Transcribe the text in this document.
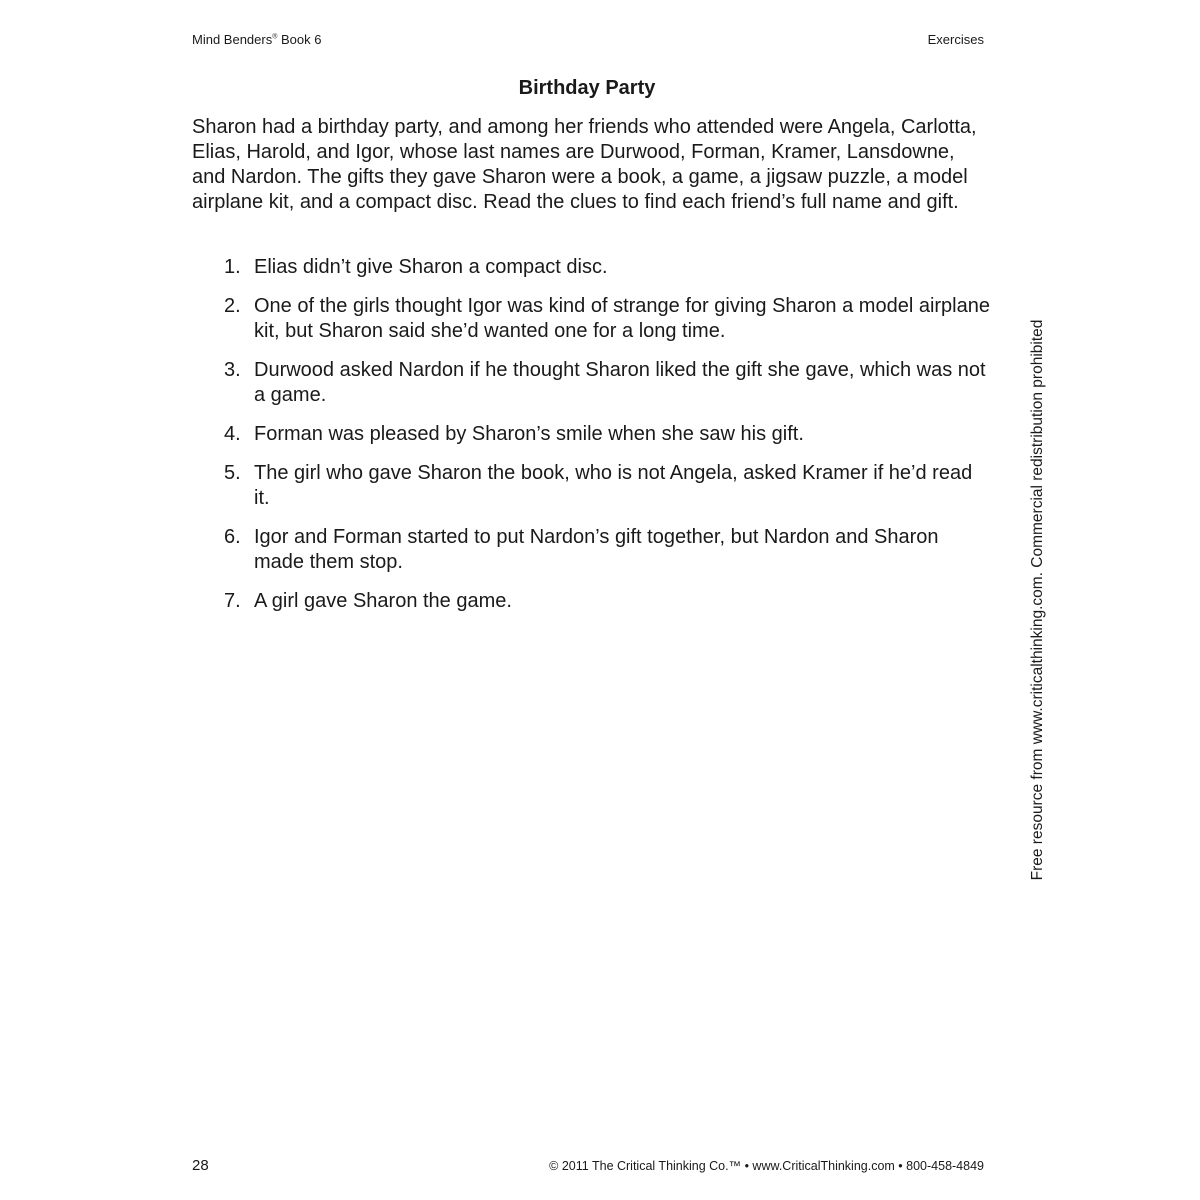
Mind Benders® Book 6	Exercises
Birthday Party

Sharon had a birthday party, and among her friends who attended were Angela, Carlotta, Elias, Harold, and Igor, whose last names are Durwood, Forman, Kramer, Lansdowne, and Nardon. The gifts they gave Sharon were a book, a game, a jigsaw puzzle, a model airplane kit, and a compact disc. Read the clues to find each friend’s full name and gift.

1. Elias didn’t give Sharon a compact disc.
2. One of the girls thought Igor was kind of strange for giving Sharon a model airplane kit, but Sharon said she’d wanted one for a long time.
3. Durwood asked Nardon if he thought Sharon liked the gift she gave, which was not a game.
4. Forman was pleased by Sharon’s smile when she saw his gift.
5. The girl who gave Sharon the book, who is not Angela, asked Kramer if he’d read it.
6. Igor and Forman started to put Nardon’s gift together, but Nardon and Sharon made them stop.
7. A girl gave Sharon the game.	Free resource from www.criticalthinking.com. Commercial redistribution prohibited
28	© 2011 The Critical Thinking Co.™ • www.CriticalThinking.com • 800-458-4849
